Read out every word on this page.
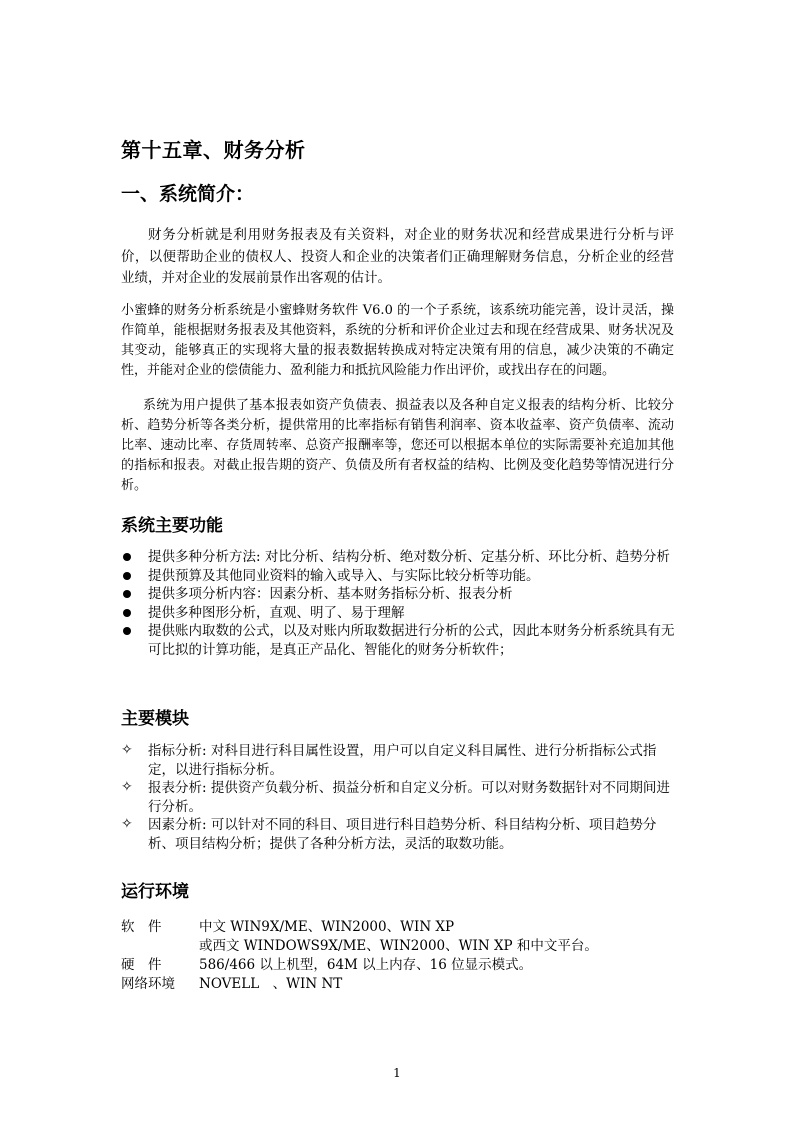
第十五章、财务分析
一、系统简介：
财务分析就是利用财务报表及有关资料，对企业的财务状况和经营成果进行分析与评价，以便帮助企业的债权人、投资人和企业的决策者们正确理解财务信息，分析企业的经营业绩，并对企业的发展前景作出客观的估计。
小蜜蜂的财务分析系统是小蜜蜂财务软件 V6.0 的一个子系统，该系统功能完善，设计灵活，操作简单，能根据财务报表及其他资料，系统的分析和评价企业过去和现在经营成果、财务状况及其变动，能够真正的实现将大量的报表数据转换成对特定决策有用的信息，减少决策的不确定性，并能对企业的偿债能力、盈利能力和抵抗风险能力作出评价，或找出存在的问题。
系统为用户提供了基本报表如资产负债表、损益表以及各种自定义报表的结构分析、比较分析、趋势分析等各类分析，提供常用的比率指标有销售利润率、资本收益率、资产负债率、流动比率、速动比率、存货周转率、总资产报酬率等，您还可以根据本单位的实际需要补充追加其他的指标和报表。对截止报告期的资产、负债及所有者权益的结构、比例及变化趋势等情况进行分析。
系统主要功能
提供多种分析方法: 对比分析、结构分析、绝对数分析、定基分析、环比分析、趋势分析
提供预算及其他同业资料的输入或导入、与实际比较分析等功能。
提供多项分析内容：因素分析、基本财务指标分析、报表分析
提供多种图形分析，直观、明了、易于理解
提供账内取数的公式，以及对账内所取数据进行分析的公式，因此本财务分析系统具有无可比拟的计算功能，是真正产品化、智能化的财务分析软件；
主要模块
✧	指标分析: 对科目进行科目属性设置，用户可以自定义科目属性、进行分析指标公式指定，以进行指标分析。
✧	报表分析: 提供资产负载分析、损益分析和自定义分析。可以对财务数据针对不同期间进行分析。
✧	因素分析: 可以针对不同的科目、项目进行科目趋势分析、科目结构分析、项目趋势分析、项目结构分析；提供了各种分析方法，灵活的取数功能。
运行环境
软　件	中文 WIN9X/ME、WIN2000、WIN XP
或西文 WINDOWS9X/ME、WIN2000、WIN XP 和中文平台。
硬　件	586/466 以上机型，64M 以上内存、16 位显示模式。
网络环境	NOVELL　、WIN NT
1
